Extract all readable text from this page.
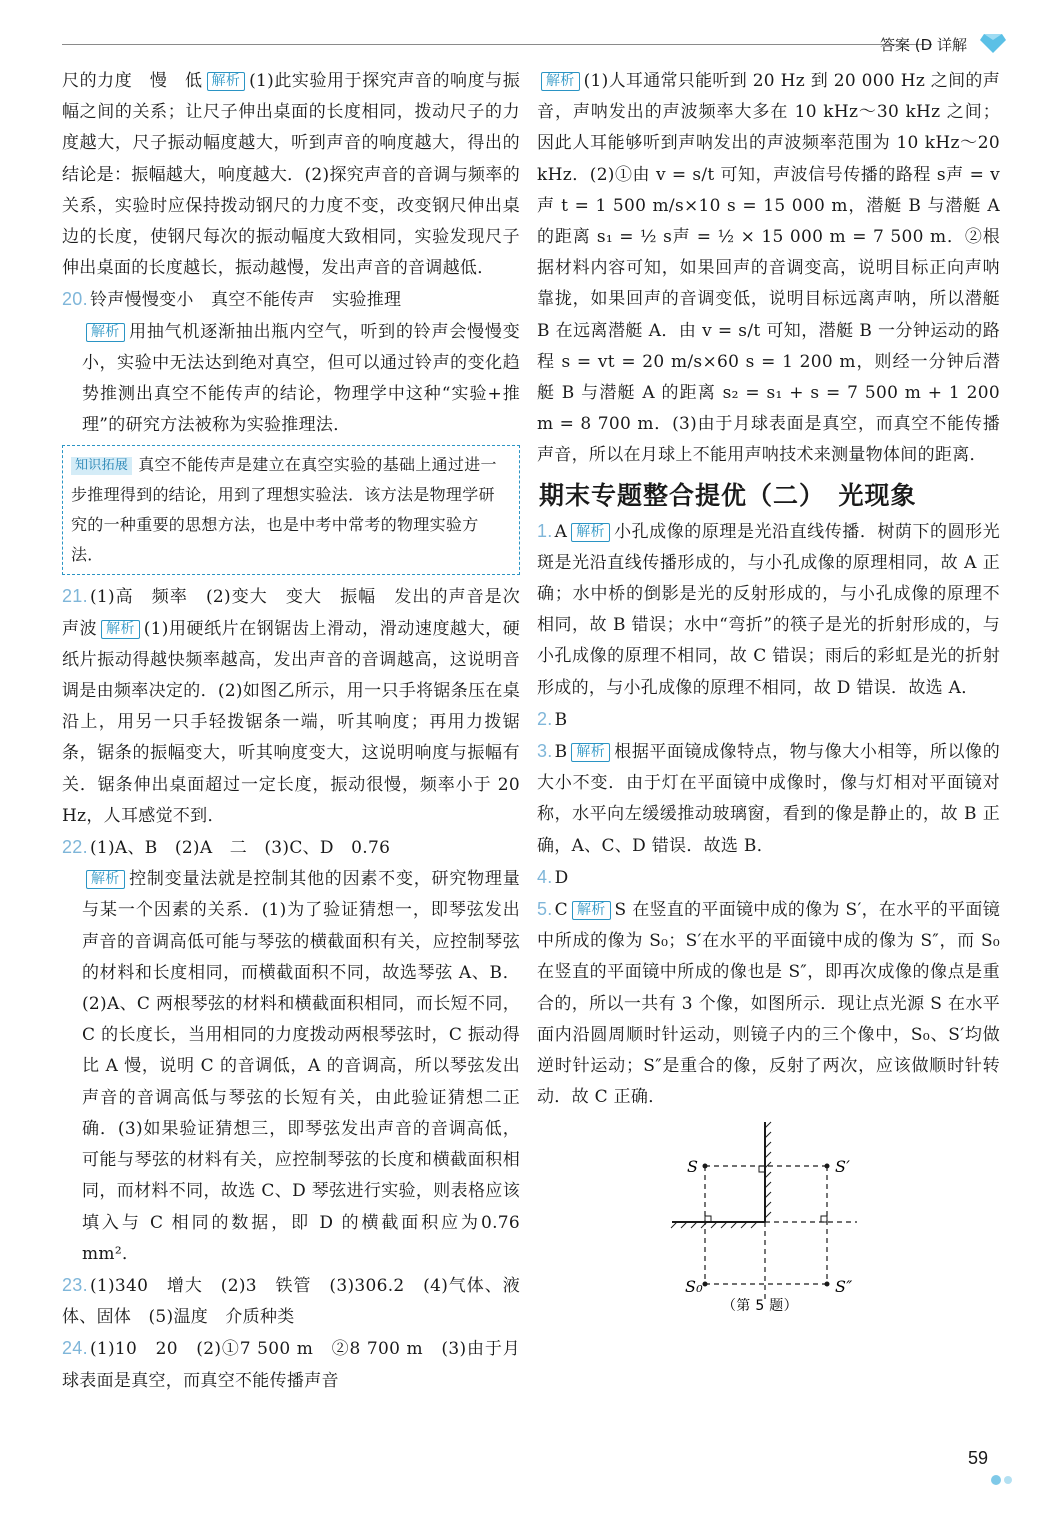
答案 (D 详解

尺的力度　慢　低 解析 (1)此实验用于探究声音的响度与振幅之间的关系；让尺子伸出桌面的长度相同，拨动尺子的力度越大，尺子振动幅度越大，听到声音的响度越大，得出的结论是：振幅越大，响度越大．(2)探究声音的音调与频率的关系，实验时应保持拨动钢尺的力度不变，改变钢尺伸出桌边的长度，使钢尺每次的振动幅度大致相同，实验发现尺子伸出桌面的长度越长，振动越慢，发出声音的音调越低．

20. 铃声慢慢变小　真空不能传声　实验推理

解析 用抽气机逐渐抽出瓶内空气，听到的铃声会慢慢变小，实验中无法达到绝对真空，但可以通过铃声的变化趋势推测出真空不能传声的结论，物理学中这种“实验+推理”的研究方法被称为实验推理法．

知识拓展 真空不能传声是建立在真空实验的基础上通过进一步推理得到的结论，用到了理想实验法．该方法是物理学研究的一种重要的思想方法，也是中考中常考的物理实验方法．

21. (1)高　频率　(2)变大　变大　振幅　发出的声音是次声波 解析 (1)用硬纸片在钢锯齿上滑动，滑动速度越大，硬纸片振动得越快频率越高，发出声音的音调越高，这说明音调是由频率决定的．(2)如图乙所示，用一只手将锯条压在桌沿上，用另一只手轻拨锯条一端，听其响度；再用力拨锯条，锯条的振幅变大，听其响度变大，这说明响度与振幅有关．锯条伸出桌面超过一定长度，振动很慢，频率小于 20 Hz，人耳感觉不到．

22. (1)A、B　(2)A　二　(3)C、D　0.76

解析 控制变量法就是控制其他的因素不变，研究物理量与某一个因素的关系．(1)为了验证猜想一，即琴弦发出声音的音调高低可能与琴弦的横截面积有关，应控制琴弦的材料和长度相同，而横截面积不同，故选琴弦 A、B．(2)A、C 两根琴弦的材料和横截面积相同，而长短不同，C 的长度长，当用相同的力度拨动两根琴弦时，C 振动得比 A 慢，说明 C 的音调低，A 的音调高，所以琴弦发出声音的音调高低与琴弦的长短有关，由此验证猜想二正确．(3)如果验证猜想三，即琴弦发出声音的音调高低，可能与琴弦的材料有关，应控制琴弦的长度和横截面积相同，而材料不同，故选 C、D 琴弦进行实验，则表格应该填入与 C 相同的数据，即 D 的横截面积应为0.76 mm²．

23. (1)340　增大　(2)3　铁管　(3)306.2　(4)气体、液体、固体　(5)温度　介质种类

24. (1)10　20　(2)①7 500 m　②8 700 m　(3)由于月球表面是真空，而真空不能传播声音

解析 (1)人耳通常只能听到 20 Hz 到 20 000 Hz 之间的声音，声呐发出的声波频率大多在 10 kHz～30 kHz 之间；因此人耳能够听到声呐发出的声波频率范围为 10 kHz～20 kHz．(2)①由 v = s/t 可知，声波信号传播的路程 s声 = v声 t = 1 500 m/s×10 s = 15 000 m，潜艇 B 与潜艇 A 的距离 s₁ = ½ s声 = ½ × 15 000 m = 7 500 m．②根据材料内容可知，如果回声的音调变高，说明目标正向声呐靠拢，如果回声的音调变低，说明目标远离声呐，所以潜艇 B 在远离潜艇 A．由 v = s/t 可知，潜艇 B 一分钟运动的路程 s = vt = 20 m/s×60 s = 1 200 m，则经一分钟后潜艇 B 与潜艇 A 的距离 s₂ = s₁ + s = 7 500 m + 1 200 m = 8 700 m．(3)由于月球表面是真空，而真空不能传播声音，所以在月球上不能用声呐技术来测量物体间的距离．

期末专题整合提优（二）　光现象

1. A 解析 小孔成像的原理是光沿直线传播．树荫下的圆形光斑是光沿直线传播形成的，与小孔成像的原理相同，故 A 正确；水中桥的倒影是光的反射形成的，与小孔成像的原理不相同，故 B 错误；水中“弯折”的筷子是光的折射形成的，与小孔成像的原理不相同，故 C 错误；雨后的彩虹是光的折射形成的，与小孔成像的原理不相同，故 D 错误．故选 A．

2. B

3. B 解析 根据平面镜成像特点，物与像大小相等，所以像的大小不变．由于灯在平面镜中成像时，像与灯相对平面镜对称，水平向左缓缓推动玻璃窗，看到的像是静止的，故 B 正确，A、C、D 错误．故选 B．

4. D

5. C 解析 S 在竖直的平面镜中成的像为 S′，在水平的平面镜中所成的像为 S₀；S′在水平的平面镜中成的像为 S″，而 S₀ 在竖直的平面镜中所成的像也是 S″，即再次成像的像点是重合的，所以一共有 3 个像，如图所示．现让点光源 S 在水平面内沿圆周顺时针运动，则镜子内的三个像中，S₀、S′均做逆时针运动；S″是重合的像，反射了两次，应该做顺时针转动．故 C 正确．

S	S′
S₀	S″
（第 5 题）
59
